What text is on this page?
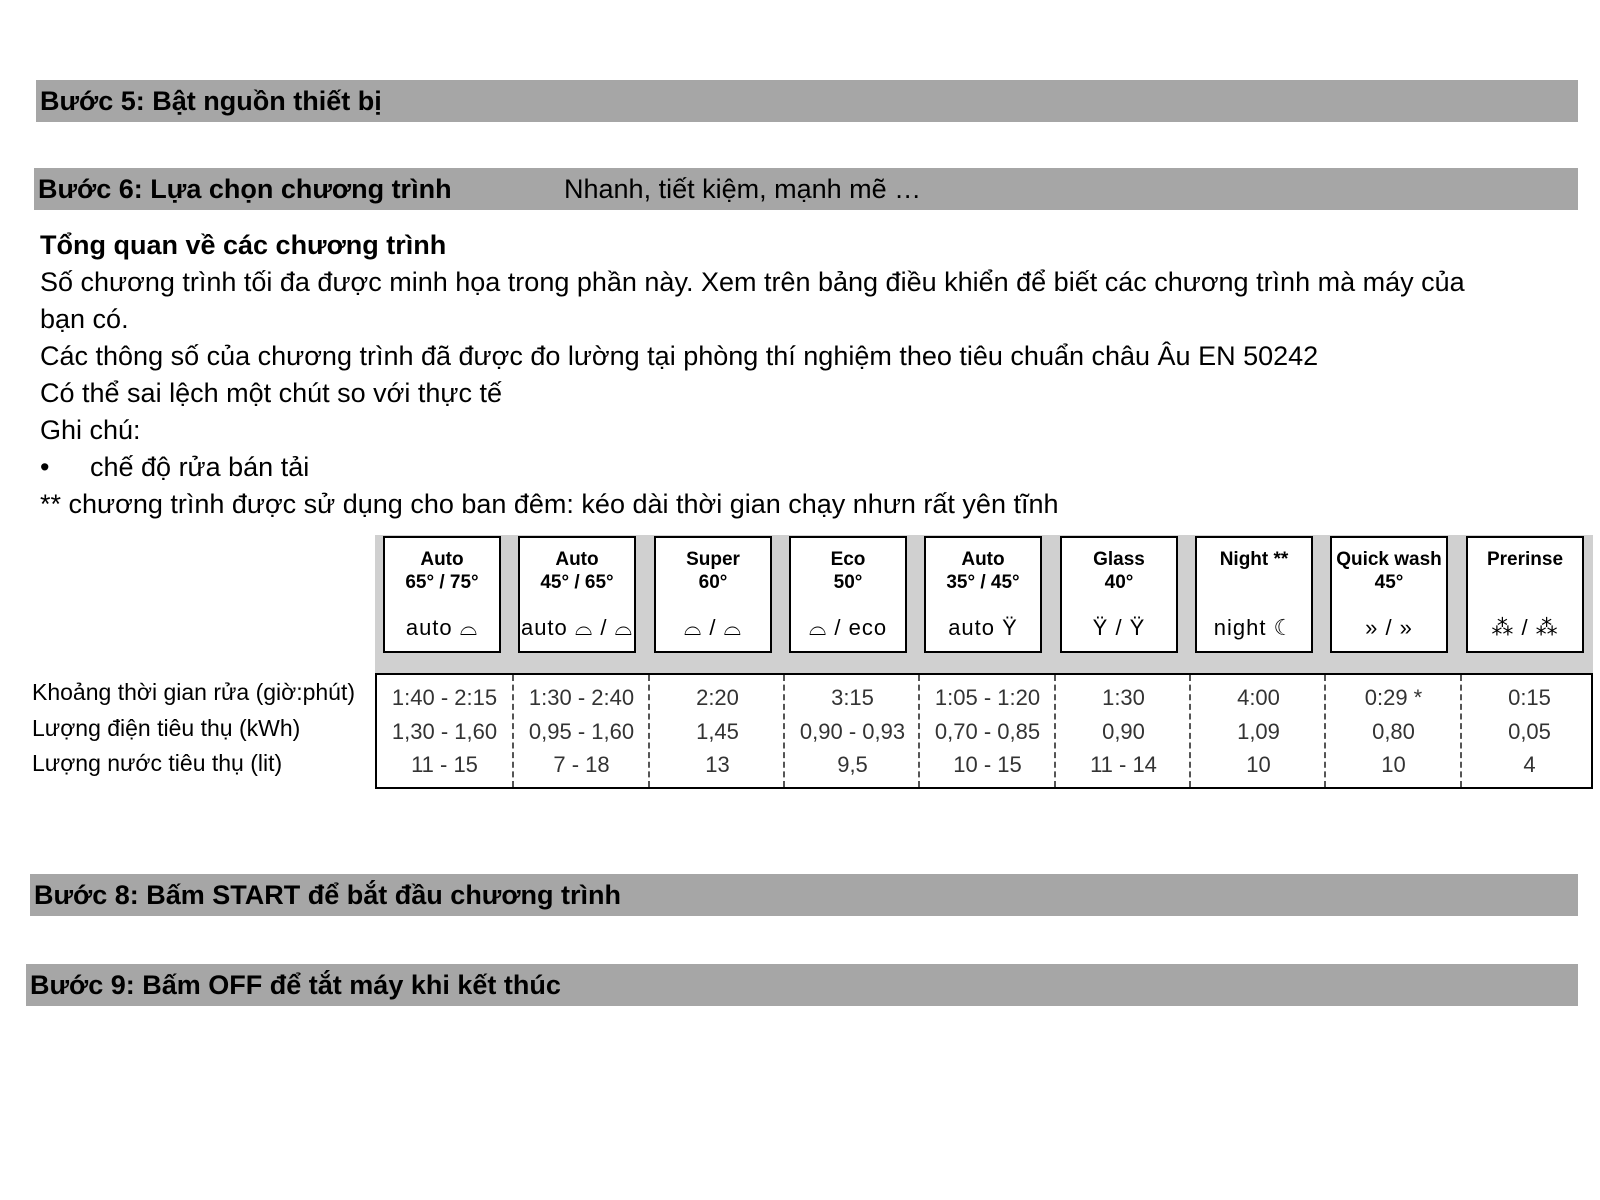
Bước 5: Bật nguồn thiết bị
Bước 6: Lựa chọn chương trình	Nhanh, tiết kiệm, mạnh mẽ …
Tổng quan về các chương trình
Số chương trình tối đa được minh họa trong phần này. Xem trên bảng điều khiển để biết các chương trình mà máy của
bạn có.
Các thông số của chương trình đã được đo lường tại phòng thí nghiệm theo tiêu chuẩn châu Âu EN 50242
Có thể sai lệch một chút so với thực tế
Ghi chú:
• chế độ rửa bán tải
** chương trình được sử dụng cho ban đêm: kéo dài thời gian chạy nhưn rất yên tĩnh
Auto
65° / 75°
auto ⌓
Auto
45° / 65°
auto ⌓ / ⌓
Super
60°
⌓ / ⌓
Eco
50°
⌓ / eco
Auto
35° / 45°
auto Ÿ
Glass
40°
Ÿ / Ÿ
Night **
night ☾
Quick wash
45°
» / »
Prerinse
⁂ / ⁂
Khoảng thời gian rửa (giờ:phút)
Lượng điện tiêu thụ (kWh)
Lượng nước tiêu thụ (lit)
1:40 - 2:15
1,30 - 1,60
11 - 15
1:30 - 2:40
0,95 - 1,60
7 - 18
2:20
1,45
13
3:15
0,90 - 0,93
9,5
1:05 - 1:20
0,70 - 0,85
10 - 15
1:30
0,90
11 - 14
4:00
1,09
10
0:29 *
0,80
10
0:15
0,05
4
Bước 8: Bấm START để bắt đầu chương trình
Bước 9: Bấm OFF để tắt máy khi kết thúc
